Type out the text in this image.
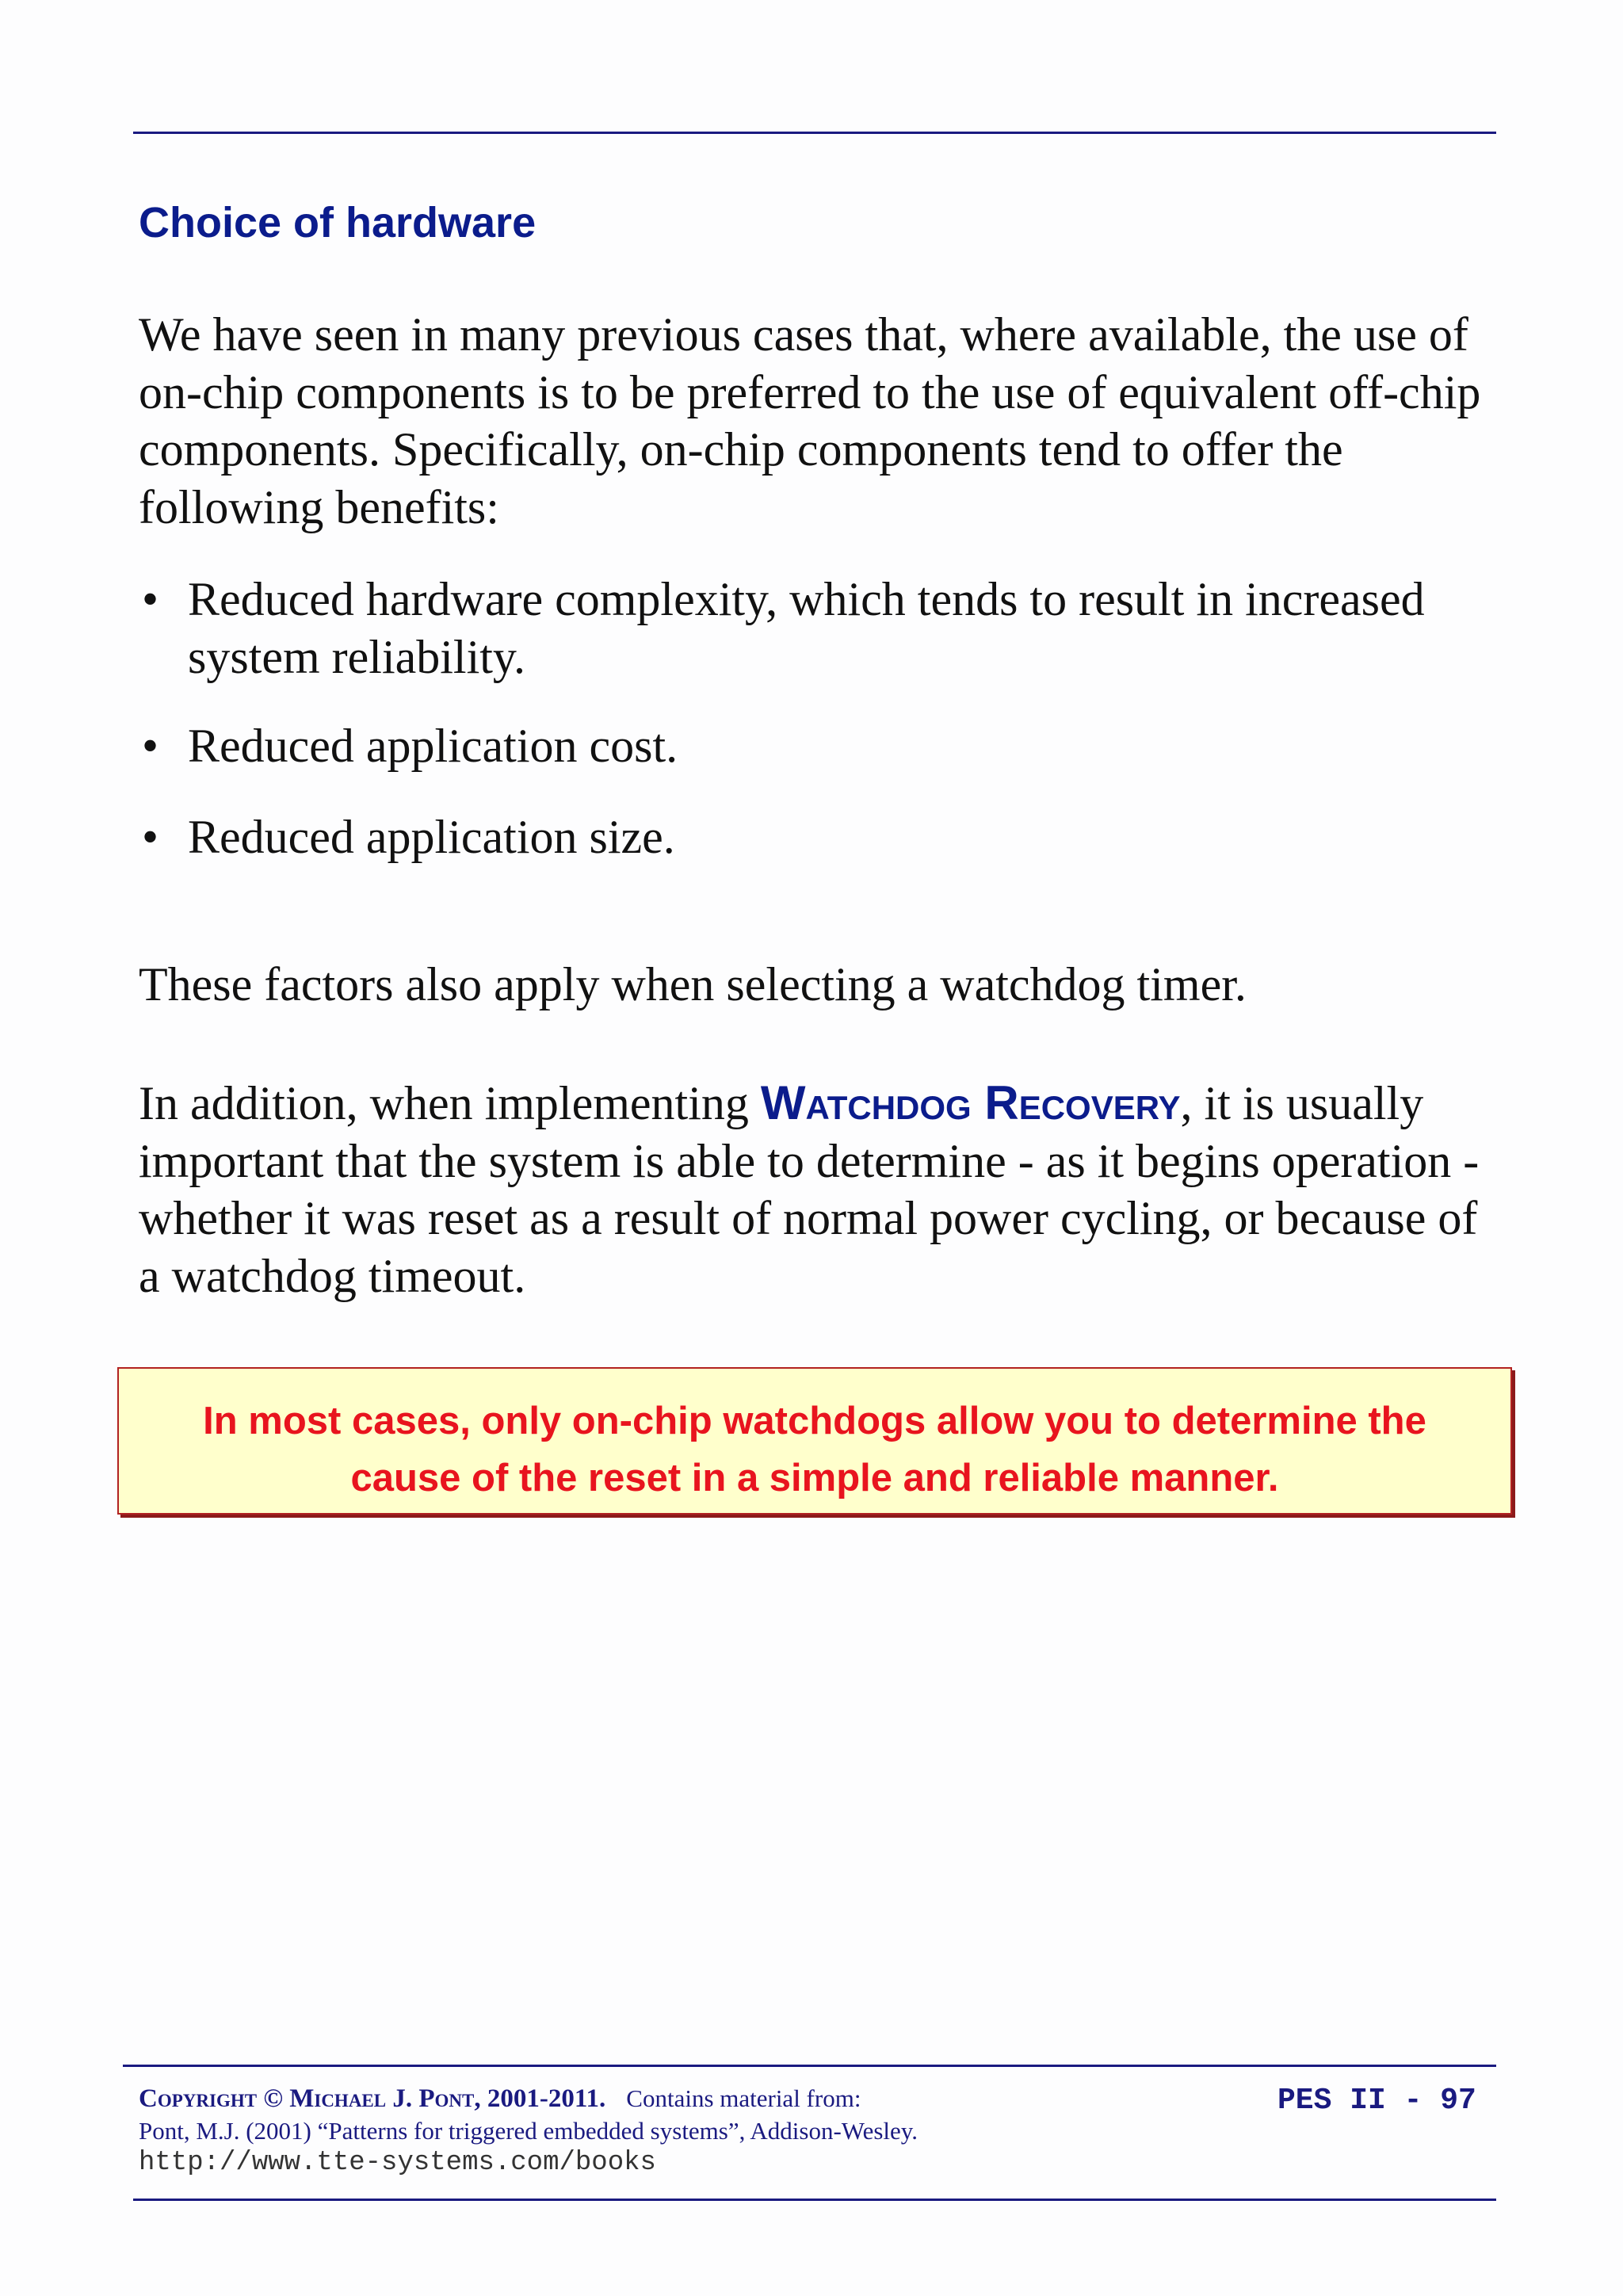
Choice of hardware

We have seen in many previous cases that, where available, the use of on-chip components is to be preferred to the use of equivalent off-chip components. Specifically, on-chip components tend to offer the following benefits:

• Reduced hardware complexity, which tends to result in increased system reliability.
• Reduced application cost.
• Reduced application size.

These factors also apply when selecting a watchdog timer.

In addition, when implementing Watchdog Recovery, it is usually important that the system is able to determine - as it begins operation - whether it was reset as a result of normal power cycling, or because of a watchdog timeout.

In most cases, only on-chip watchdogs allow you to determine the
cause of the reset in a simple and reliable manner.
Copyright © Michael J. Pont, 2001-2011. Contains material from:
Pont, M.J. (2001) “Patterns for triggered embedded systems”, Addison-Wesley.
http://www.tte-systems.com/books
PES II - 97
